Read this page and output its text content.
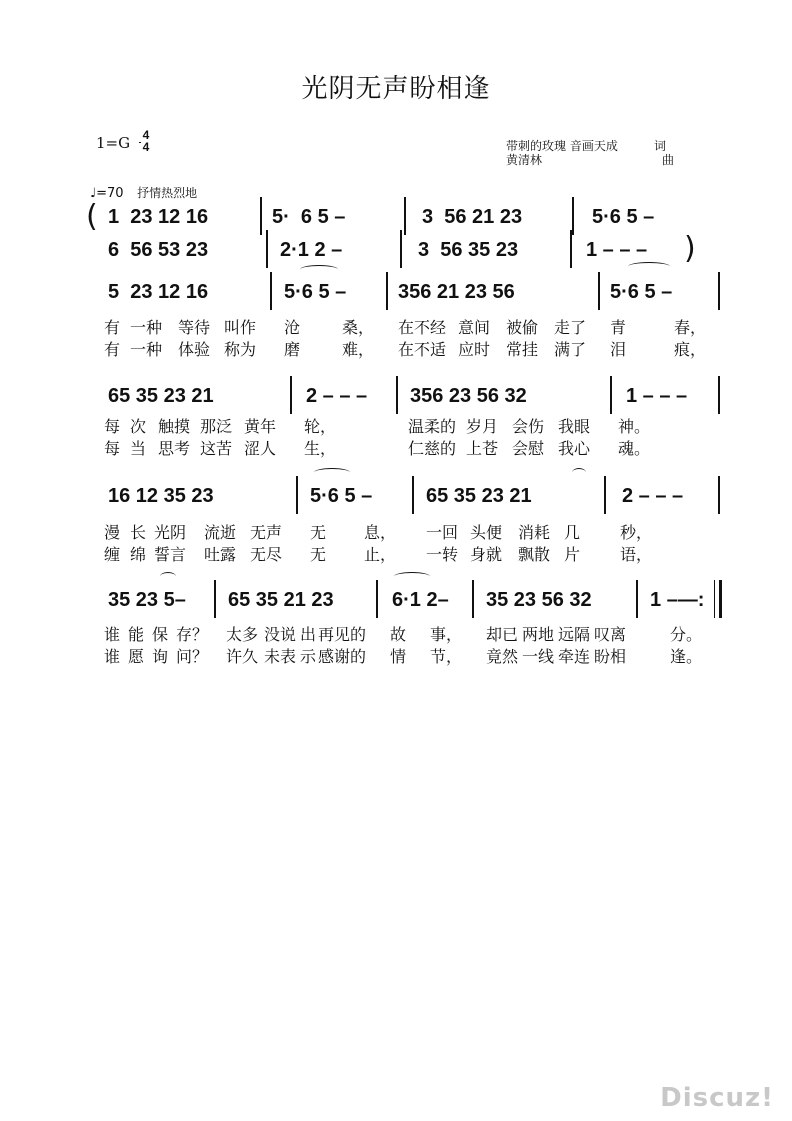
光阴无声盼相逢
1=G	4
4	带刺的玫瑰 音画天成	词
黄清林	曲
♩=70 抒情热烈地
(
)
1  23 12 16	5·  6 5 –	3  56 21 23	5·6 5 –
6  56 53 23	2·1 2 –	3  56 35 23	1 – – –
5  23 12 16	5·6 5 –	356 21 23 56	5·6 5 –
有 一种 等待 叫作 沧	桑， 在不经 意间 被偷 走了 青	春，
有 一种 体验 称为 磨	难， 在不适 应时 常挂 满了 泪	痕，
65 35 23 21	2 – – – 356 23 56 32	1 – – –
每 次 触摸 那泛 黄年 轮，	温柔的 岁月 会伤 我眼 神。
每 当 思考 这苦 涩人 生，	仁慈的 上苍 会慰 我心 魂。
16 12 35 23	5·6 5 –	65 35 23 21	2 – – –
漫 长 光阴 流逝 无声 无 息， 一回 头便 消耗 几 秒，
缠 绵 誓言 吐露 无尽 无 止， 一转 身就 飘散 片 语，
35 23 5– 65 35 21 23	6·1 2– 35 23 56 32	1 –—:
谁 能 保 存？ 太多 没说 出 再见的 故 事， 却已 两地 远隔 叹离	分。
谁 愿 询 问？ 许久 未表 示 感谢的 情 节， 竟然 一线 牵连 盼相	逢。
Discuz!
